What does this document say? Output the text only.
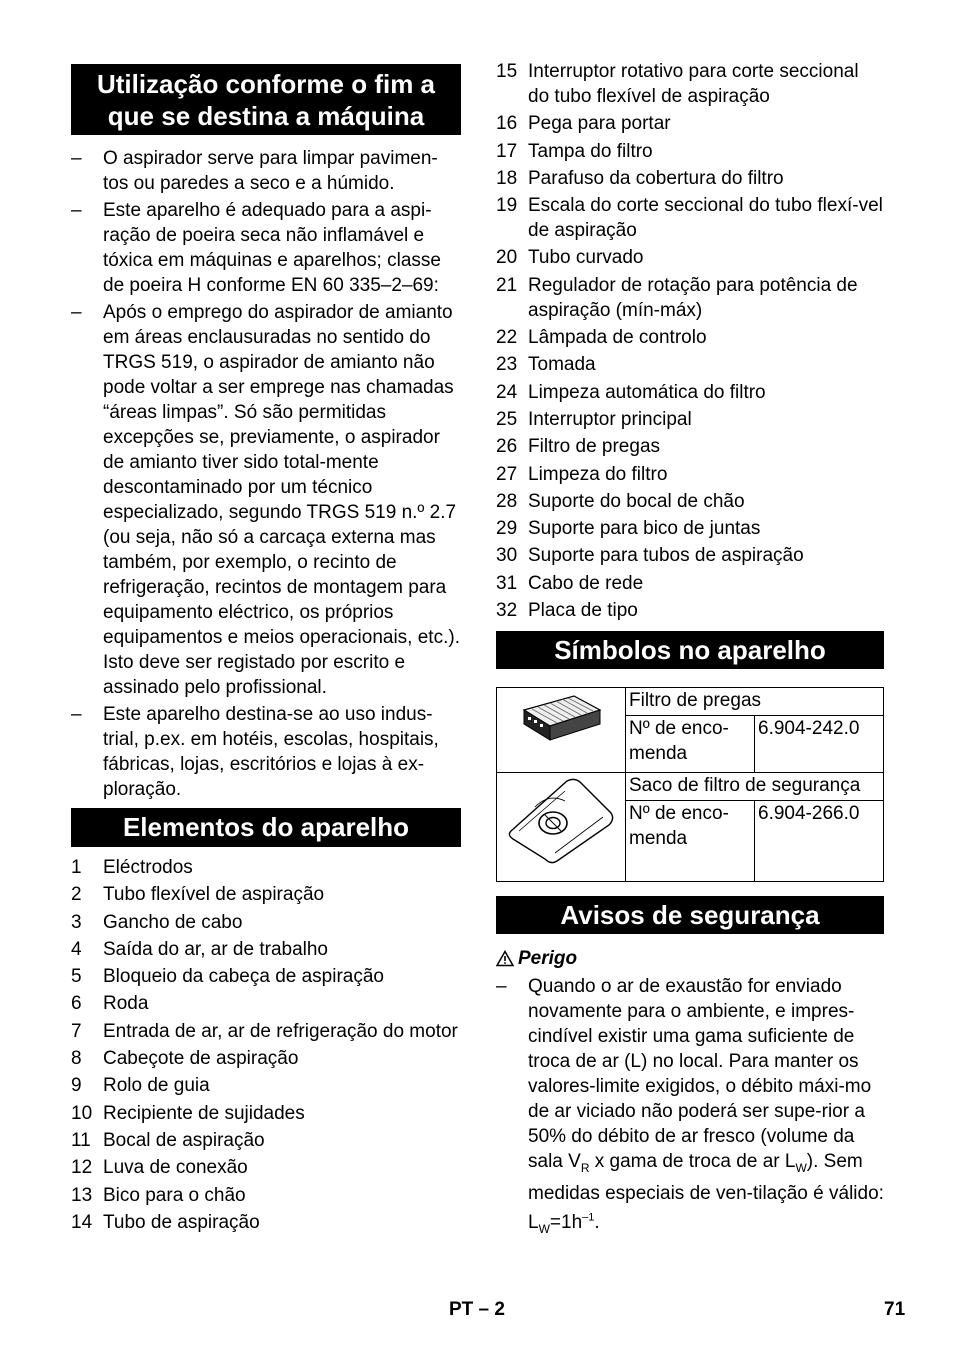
Utilização conforme o fim a que se destina a máquina
–	O aspirador serve para limpar pavimen-tos ou paredes a seco e a húmido.
–	Este aparelho é adequado para a aspi-ração de poeira seca não inflamável e tóxica em máquinas e aparelhos; classe de poeira H conforme EN 60 335–2–69:
–	Após o emprego do aspirador de amianto em áreas enclausuradas no sentido do TRGS 519, o aspirador de amianto não pode voltar a ser emprege nas chamadas “áreas limpas”. Só são permitidas excepções se, previamente, o aspirador de amianto tiver sido total-mente descontaminado por um técnico especializado, segundo TRGS 519 n.º 2.7 (ou seja, não só a carcaça externa mas também, por exemplo, o recinto de refrigeração, recintos de montagem para equipamento eléctrico, os próprios equipamentos e meios operacionais, etc.). Isto deve ser registado por escrito e assinado pelo profissional.
–	Este aparelho destina-se ao uso indus-trial, p.ex. em hotéis, escolas, hospitais, fábricas, lojas, escritórios e lojas à ex-ploração.
Elementos do aparelho
1 Eléctrodos
2 Tubo flexível de aspiração
3 Gancho de cabo
4 Saída do ar, ar de trabalho
5 Bloqueio da cabeça de aspiração
6 Roda
7 Entrada de ar, ar de refrigeração do motor
8 Cabeçote de aspiração
9 Rolo de guia
10 Recipiente de sujidades
11 Bocal de aspiração
12 Luva de conexão
13 Bico para o chão
14 Tubo de aspiração
15 Interruptor rotativo para corte seccional do tubo flexível de aspiração
16 Pega para portar
17 Tampa do filtro
18 Parafuso da cobertura do filtro
19 Escala do corte seccional do tubo flexí-vel de aspiração
20 Tubo curvado
21 Regulador de rotação para potência de aspiração (mín-máx)
22 Lâmpada de controlo
23 Tomada
24 Limpeza automática do filtro
25 Interruptor principal
26 Filtro de pregas
27 Limpeza do filtro
28 Suporte do bocal de chão
29 Suporte para bico de juntas
30 Suporte para tubos de aspiração
31 Cabo de rede
32 Placa de tipo
Símbolos no aparelho
	Filtro de pregas	
	Nº de enco-menda	6.904-242.0
	Saco de filtro de segurança	
	Nº de enco-menda	6.904-266.0
Avisos de segurança
Perigo
–	Quando o ar de exaustão for enviado novamente para o ambiente, e impres-cindível existir uma gama suficiente de troca de ar (L) no local. Para manter os valores-limite exigidos, o débito máxi-mo de ar viciado não poderá ser supe-rior a 50% do débito de ar fresco (volume da sala $V_R$ x gama de troca de ar $L_W$). Sem medidas especiais de ven-tilação é válido: $L_W=1h^{-1}$.
PT – 2	71
